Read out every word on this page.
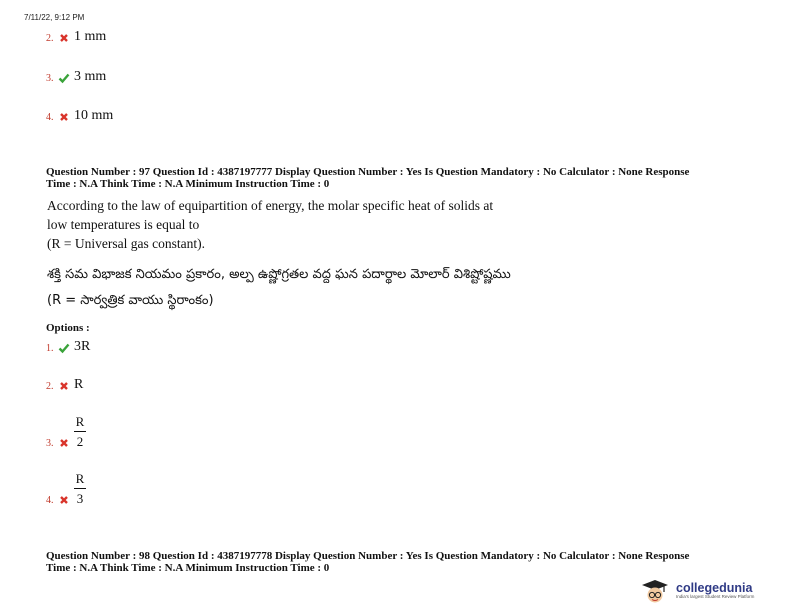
7/11/22, 9:12 PM
2.	1 mm
3.	3 mm
4.	10 mm
Question Number : 97 Question Id : 4387197777 Display Question Number : Yes Is Question Mandatory : No Calculator : None Response
Time : N.A Think Time : N.A Minimum Instruction Time : 0
According to the law of equipartition of energy, the molar specific heat of solids at
low temperatures is equal to
(R = Universal gas constant).
శక్తి సమ విభాజక నియమం ప్రకారం, అల్ప ఉష్ణోగ్రతల వద్ద ఘన పదార్థాల మోలార్ విశిష్టోష్ణము
(R = సార్వత్రిక వాయు స్థిరాంకం)
Options :
1.	3R
2.	R
3.	$\frac{R}{2}$
4.	$\frac{R}{3}$
Question Number : 98 Question Id : 4387197778 Display Question Number : Yes Is Question Mandatory : No Calculator : None Response
Time : N.A Think Time : N.A Minimum Instruction Time : 0
collegedunia
India's largest Student Review Platform
